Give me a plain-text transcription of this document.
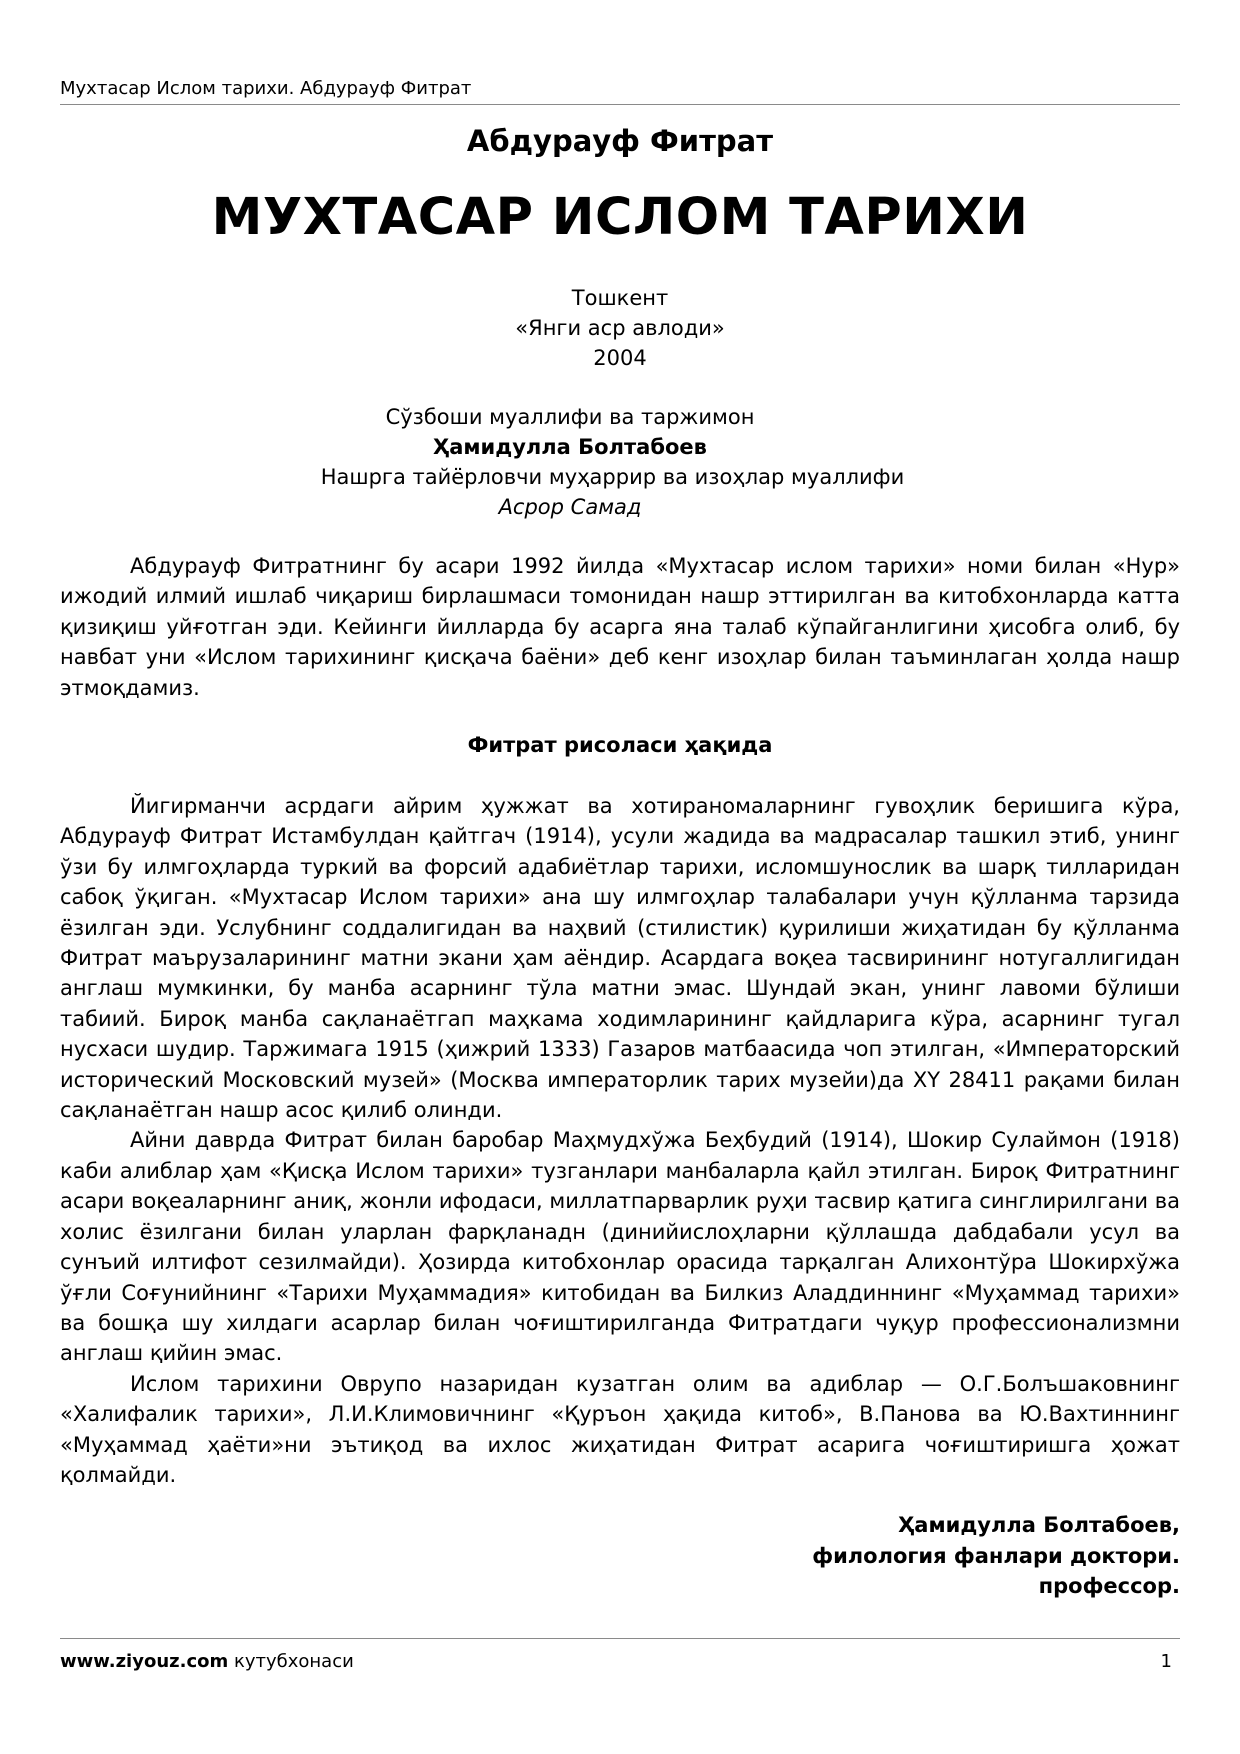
Мухтасар Ислом тарихи. Абдурауф Фитрат
Абдурауф Фитрат
МУХТАСАР ИСЛОМ ТАРИХИ
Тошкент
«Янги аср авлоди»
2004
Сўзбоши муаллифи ва таржимон
Ҳамидулла Болтабоев
Нашрга тайёрловчи муҳаррир ва изоҳлар муаллифи
Асрор Самад

Абдурауф Фитратнинг бу асари 1992 йилда «Мухтасар ислом тарихи» номи билан «Нур» ижодий илмий ишлаб чиқариш бирлашмаси томонидан нашр эттирилган ва китобхонларда катта қизиқиш уйғотган эди. Кейинги йилларда бу асарга яна талаб кўпайганлигини ҳисобга олиб, бу навбат уни «Ислом тарихининг қисқача баёни» деб кенг изоҳлар билан таъминлаган ҳолда нашр этмоқдамиз.

Фитрат рисоласи ҳақида

Йигирманчи асрдаги айрим ҳужжат ва хотираномаларнинг гувоҳлик беришига кўра, Абдурауф Фитрат Истамбулдан қайтгач (1914), усули жадида ва мадрасалар ташкил этиб, унинг ўзи бу илмгоҳларда туркий ва форсий адабиётлар тарихи, исломшунослик ва шарқ тилларидан сабоқ ўқиган. «Мухтасар Ислом тарихи» ана шу илмгоҳлар талабалари учун қўлланма тарзида ёзилган эди. Услубнинг соддалигидан ва наҳвий (стилистик) қурилиши жиҳатидан бу қўлланма Фитрат маърузаларининг матни экани ҳам аёндир. Асардага воқеа тасвирининг нотугаллигидан англаш мумкинки, бу манба асарнинг тўла матни эмас. Шундай экан, унинг лавоми бўлиши табиий. Бироқ манба сақланаётгап маҳкама ходимларининг қайдларига кўра, асарнинг тугал нусхаси шудир. Таржимага 1915 (ҳижрий 1333) Газаров матбаасида чоп этилган, «Императорский исторический Московский музей» (Москва императорлик тарих музейи)да ХҮ 28411 рақами билан сақланаётган нашр асос қилиб олинди.

Айни даврда Фитрат билан баробар Маҳмудхўжа Беҳбудий (1914), Шокир Сулаймон (1918) каби алиблар ҳам «Қисқа Ислом тарихи» тузганлари манбаларла қайл этилган. Бироқ Фитратнинг асари воқеаларнинг аниқ, жонли ифодаси, миллатпарварлик руҳи тасвир қатига синглирилгани ва холис ёзилгани билан уларлан фарқланадн (динийислоҳларни қўллашда дабдабали усул ва сунъий илтифот сезилмайди). Ҳозирда китобхонлар орасида тарқалган Алихонтўра Шокирхўжа ўғли Соғунийнинг «Тарихи Муҳаммадия» китобидан ва Билкиз Аладдиннинг «Муҳаммад тарихи» ва бошқа шу хилдаги асарлар билан чоғиштирилганда Фитратдаги чуқур профессионализмни англаш қийин эмас.

Ислом тарихини Оврупо назаридан кузатган олим ва адиблар — О.Г.Болъшаковнинг «Халифалик тарихи», Л.И.Климовичнинг «Қуръон ҳақида китоб», В.Панова ва Ю.Вахтиннинг «Муҳаммад ҳаёти»ни эътиқод ва ихлос жиҳатидан Фитрат асарига чоғиштиришга ҳожат қолмайди.

Ҳамидулла Болтабоев,
филология фанлари доктори.
профессор.
www.ziyouz.com кутубхонаси	1
